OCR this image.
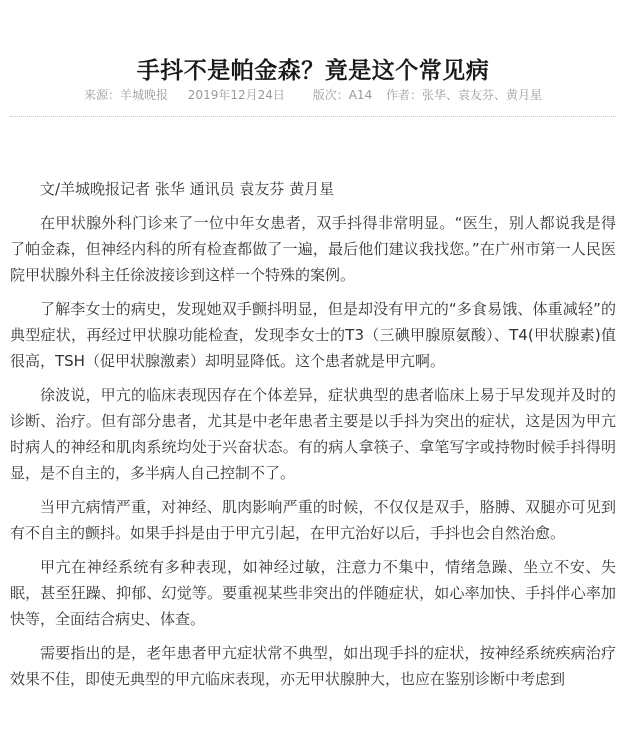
手抖不是帕金森？竟是这个常见病
来源：羊城晚报 2019年12月24日 版次：A14 作者：张华、袁友芬、黄月星

文/羊城晚报记者 张华 通讯员 袁友芬 黄月星

在甲状腺外科门诊来了一位中年女患者，双手抖得非常明显。“医生，别人都说我是得了帕金森，但神经内科的所有检查都做了一遍，最后他们建议我找您。”在广州市第一人民医院甲状腺外科主任徐波接诊到这样一个特殊的案例。

了解李女士的病史，发现她双手颤抖明显，但是却没有甲亢的“多食易饿、体重减轻”的典型症状，再经过甲状腺功能检查，发现李女士的T3（三碘甲腺原氨酸）、T4(甲状腺素)值很高，TSH（促甲状腺激素）却明显降低。这个患者就是甲亢啊。

徐波说，甲亢的临床表现因存在个体差异，症状典型的患者临床上易于早发现并及时的诊断、治疗。但有部分患者，尤其是中老年患者主要是以手抖为突出的症状，这是因为甲亢时病人的神经和肌肉系统均处于兴奋状态。有的病人拿筷子、拿笔写字或持物时候手抖得明显，是不自主的，多半病人自己控制不了。

当甲亢病情严重，对神经、肌肉影响严重的时候，不仅仅是双手，胳膊、双腿亦可见到有不自主的颤抖。如果手抖是由于甲亢引起，在甲亢治好以后，手抖也会自然治愈。

甲亢在神经系统有多种表现，如神经过敏，注意力不集中，情绪急躁、坐立不安、失眠，甚至狂躁、抑郁、幻觉等。要重视某些非突出的伴随症状，如心率加快、手抖伴心率加快等，全面结合病史、体查。

需要指出的是，老年患者甲亢症状常不典型，如出现手抖的症状，按神经系统疾病治疗效果不佳，即使无典型的甲亢临床表现，亦无甲状腺肿大，也应在鉴别诊断中考虑到
